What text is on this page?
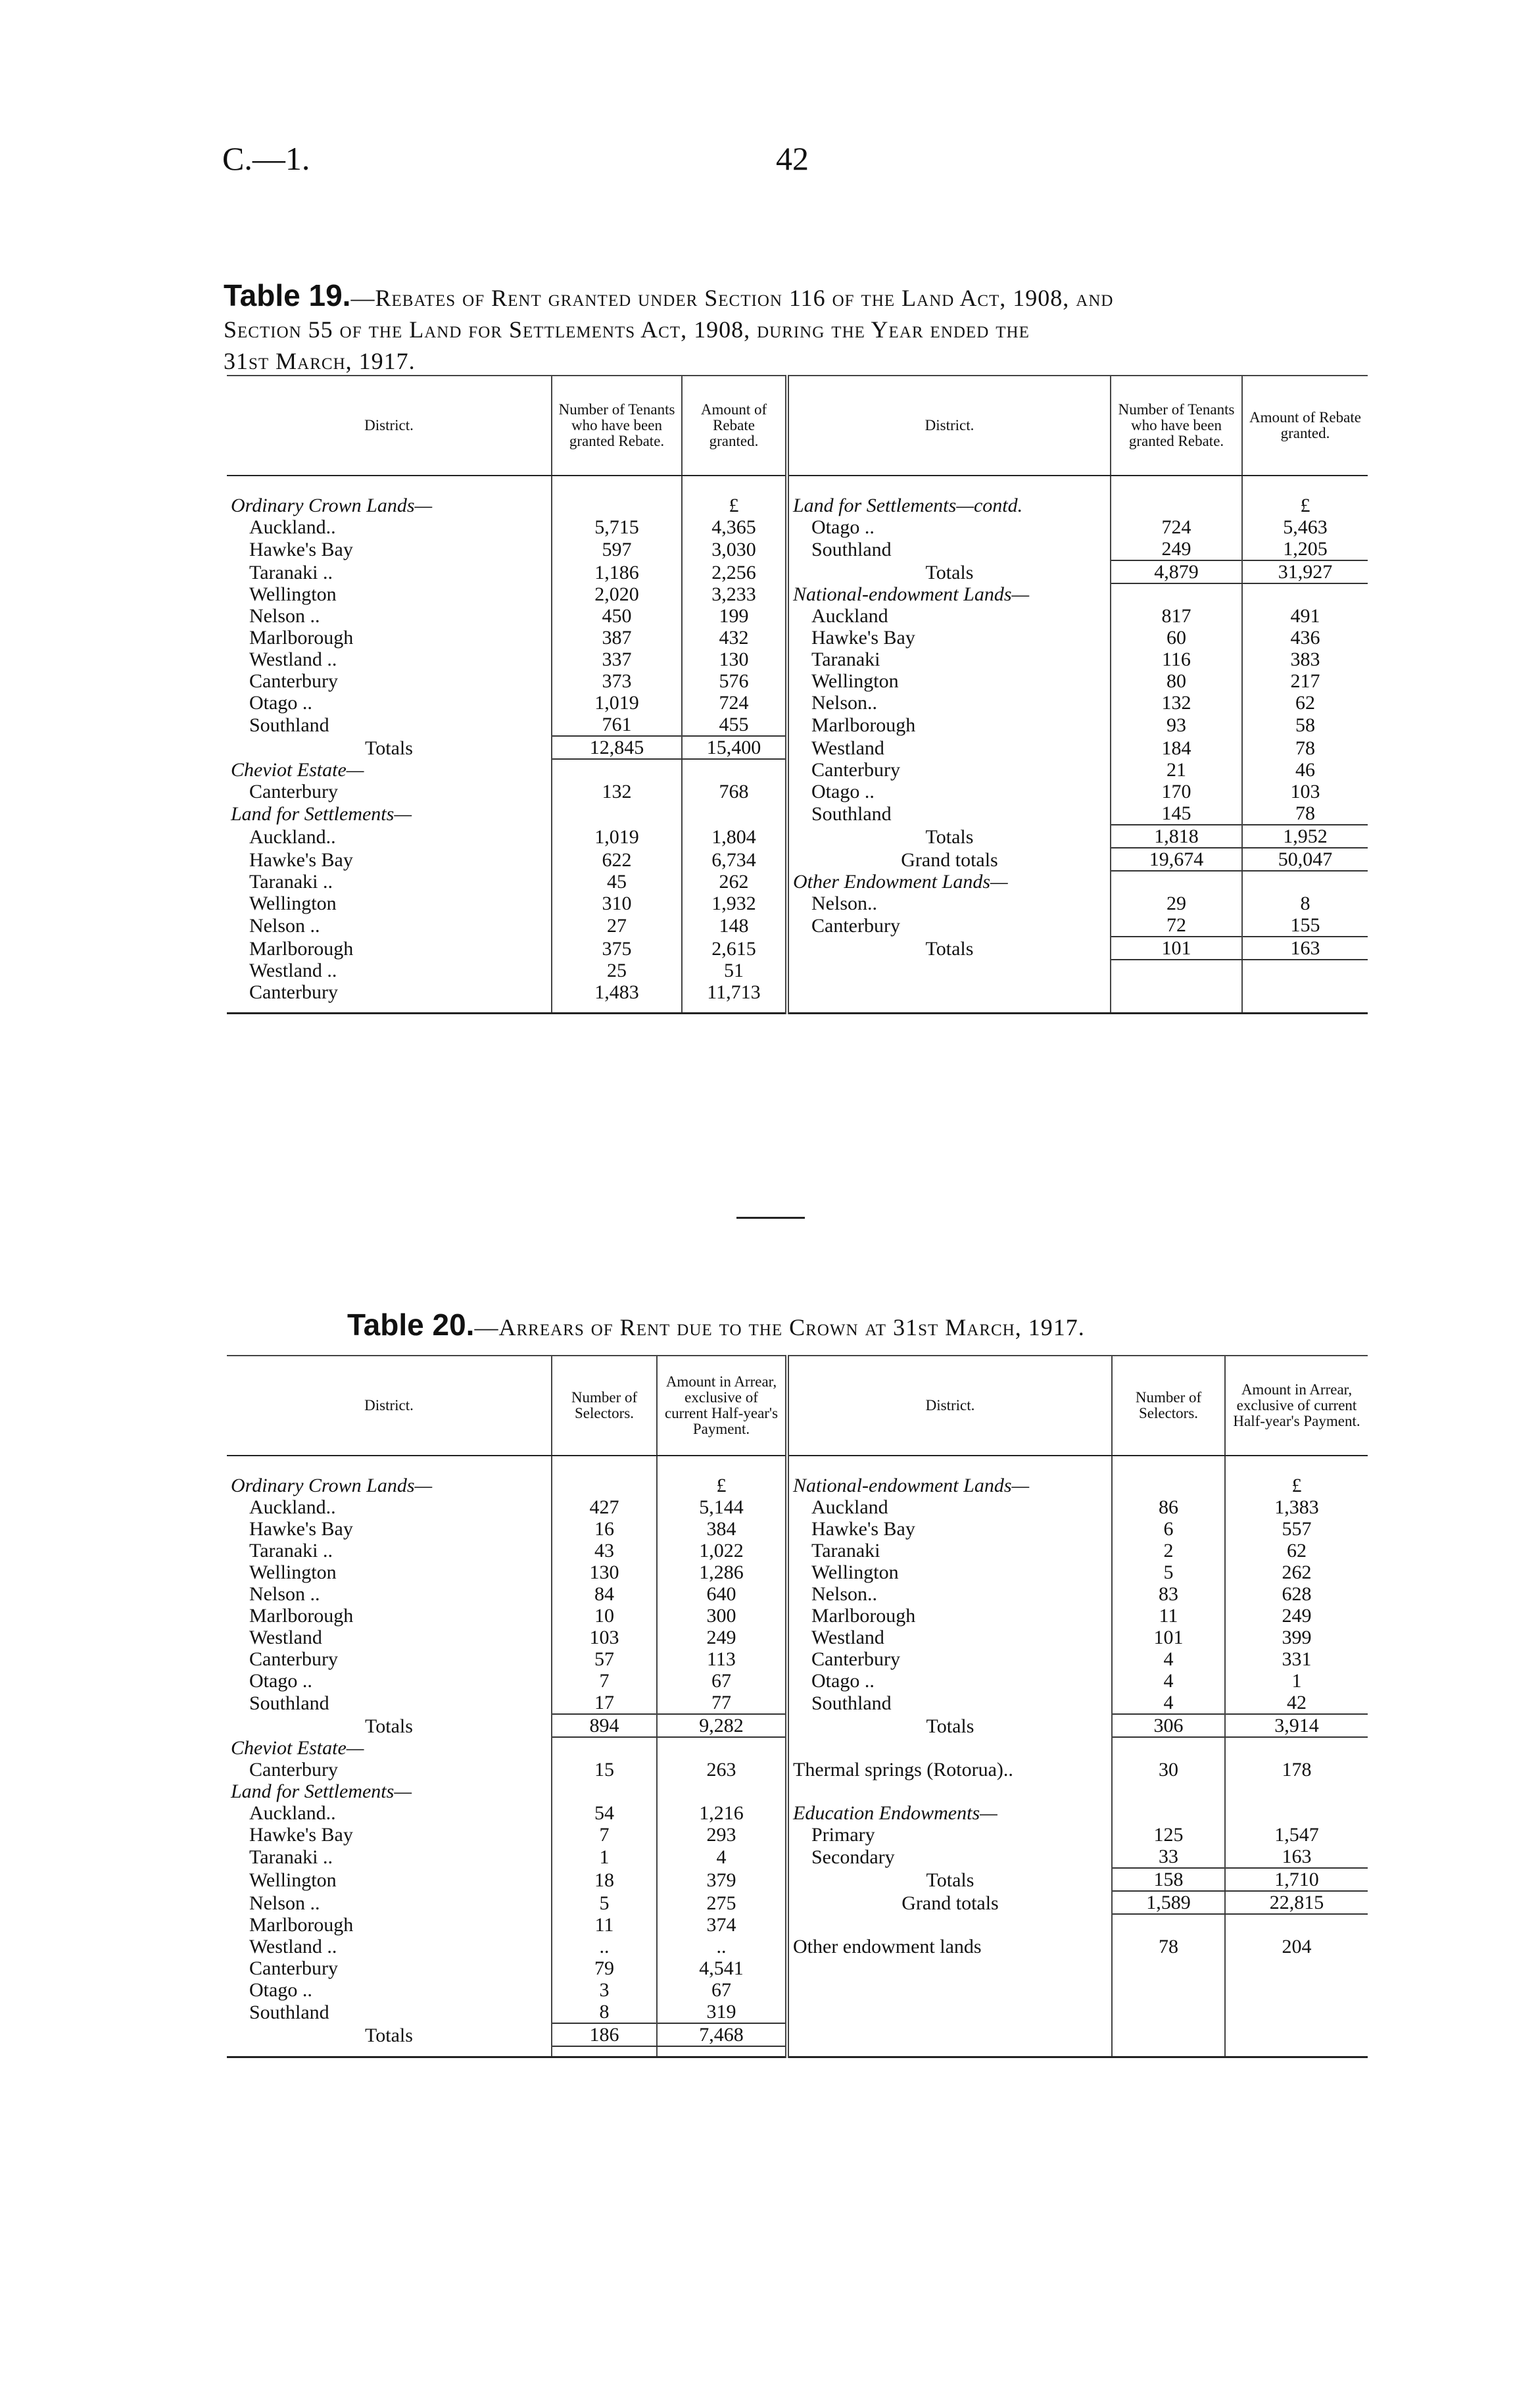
C.—1.	42
Table 19.—Rebates of Rent granted under Section 116 of the Land Act, 1908, and
Section 55 of the Land for Settlements Act, 1908, during the Year ended the
31st March, 1917.
District.	Number of Tenants who have been granted Rebate.	Amount of Rebate granted.	District.	Number of Tenants who have been granted Rebate.	Amount of Rebate granted.

Ordinary Crown Lands—		£	Land for Settlements—contd.		£
Auckland..	5,715	4,365	Otago ..	724	5,463
Hawke's Bay	597	3,030	Southland	249	1,205
Taranaki ..	1,186	2,256	Totals	4,879	31,927
Wellington	2,020	3,233	National-endowment Lands—		
Nelson ..	450	199	Auckland	817	491
Marlborough	387	432	Hawke's Bay	60	436
Westland ..	337	130	Taranaki	116	383
Canterbury	373	576	Wellington	80	217
Otago ..	1,019	724	Nelson..	132	62
Southland	761	455	Marlborough	93	58
Totals	12,845	15,400	Westland	184	78
Cheviot Estate—			Canterbury	21	46
Canterbury	132	768	Otago ..	170	103
Land for Settlements—			Southland	145	78
Auckland..	1,019	1,804	Totals	1,818	1,952
Hawke's Bay	622	6,734	Grand totals	19,674	50,047
Taranaki ..	45	262	Other Endowment Lands—		
Wellington	310	1,932	Nelson..	29	8
Nelson ..	27	148	Canterbury	72	155
Marlborough	375	2,615	Totals	101	163
Westland ..	25	51			
Canterbury	1,483	11,713			

Table 20.—Arrears of Rent due to the Crown at 31st March, 1917.
District.	Number of Selectors.	Amount in Arrear, exclusive of current Half-year's Payment.	District.	Number of Selectors.	Amount in Arrear, exclusive of current Half-year's Payment.

Ordinary Crown Lands—		£	National-endowment Lands—		£
Auckland..	427	5,144	Auckland	86	1,383
Hawke's Bay	16	384	Hawke's Bay	6	557
Taranaki ..	43	1,022	Taranaki	2	62
Wellington	130	1,286	Wellington	5	262
Nelson ..	84	640	Nelson..	83	628
Marlborough	10	300	Marlborough	11	249
Westland	103	249	Westland	101	399
Canterbury	57	113	Canterbury	4	331
Otago ..	7	67	Otago ..	4	1
Southland	17	77	Southland	4	42
Totals	894	9,282	Totals	306	3,914
Cheviot Estate—					
Canterbury	15	263	Thermal springs (Rotorua)..	30	178
Land for Settlements—					
Auckland..	54	1,216	Education Endowments—		
Hawke's Bay	7	293	Primary	125	1,547
Taranaki ..	1	4	Secondary	33	163
Wellington	18	379	Totals	158	1,710
Nelson ..	5	275	Grand totals	1,589	22,815
Marlborough	11	374			
Westland ..	..	..	Other endowment lands	78	204
Canterbury	79	4,541			
Otago ..	3	67			
Southland	8	319			
Totals	186	7,468			
